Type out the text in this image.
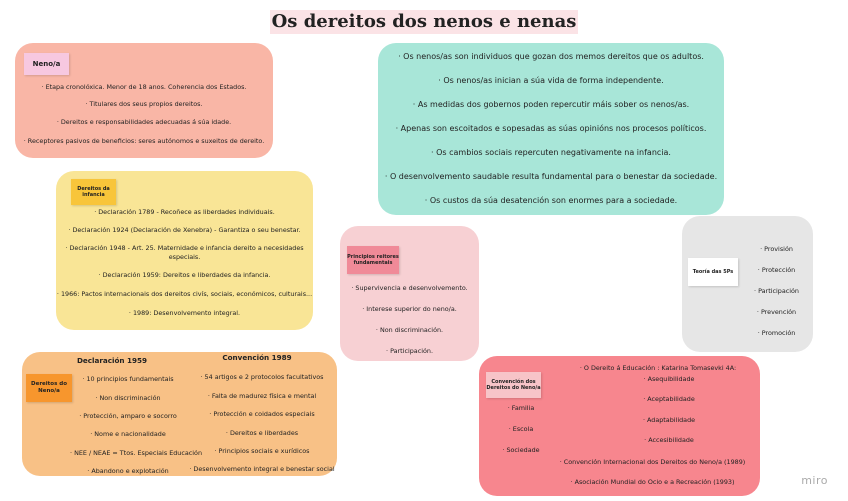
Os dereitos dos nenos e nenas
Neno/a
· Etapa cronolóxica. Menor de 18 anos. Coherencia dos Estados.
· Titulares dos seus propios dereitos.
· Dereitos e responsabilidades adecuadas á súa idade.
· Receptores pasivos de beneficios: seres autónomos e suxeitos de dereito.
· Os nenos/as son individuos que gozan dos memos dereitos que os adultos.
· Os nenos/as inician a súa vida de forma independente.
· As medidas dos gobernos poden repercutir máis sober os nenos/as.
· Apenas son escoitados e sopesadas as súas opinións nos procesos políticos.
· Os cambios sociais repercuten negativamente na infancia.
· O desenvolvemento saudable resulta fundamental para o benestar da sociedade.
· Os custos da súa desatención son enormes para a sociedade.
Dereitos da infancia
· Declaración 1789 - Recoñece as liberdades individuais.
· Declaración 1924 (Declaración de Xenebra) - Garantiza o seu benestar.
· Declaración 1948 - Art. 25. Maternidade e infancia dereito a necesidades
especiais.
· Declaración 1959: Dereitos e liberdades da infancia.
· 1966: Pactos internacionais dos dereitos civís, sociais, económicos, culturais...
· 1989: Desenvolvemento integral.
Principios reitores fundamentais
· Supervivencia e desenvolvemento.
· Interese superior do neno/a.
· Non discriminación.
· Participación.
Teoría das 5Ps
· Provisión
· Protección
· Participación
· Prevención
· Promoción
Dereitos do Neno/a
Declaración 1959
· 10 principios fundamentais
· Non discriminación
· Protección, amparo e socorro
· Nome e nacionalidade
· NEE / NEAE = Ttos. Especiais Educación
· Abandono e explotación
Convención 1989
· 54 artigos e 2 protocolos facultativos
· Falta de madurez física e mental
· Protección e coidados especiais
· Dereitos e liberdades
· Principios sociais e xurídicos
· Desenvolvemento integral e benestar social
Convención dos Dereitos do Neno/a
· Familia
· Escola
· Sociedade
· O Dereito á Educación : Katarina Tomasevki 4A:
· Asequibilidade
· Aceptabilidade
· Adaptabilidade
· Accesibilidade
· Convención Internacional dos Dereitos do Neno/a (1989)
· Asociación Mundial do Ocio e a Recreación (1993)	miro
